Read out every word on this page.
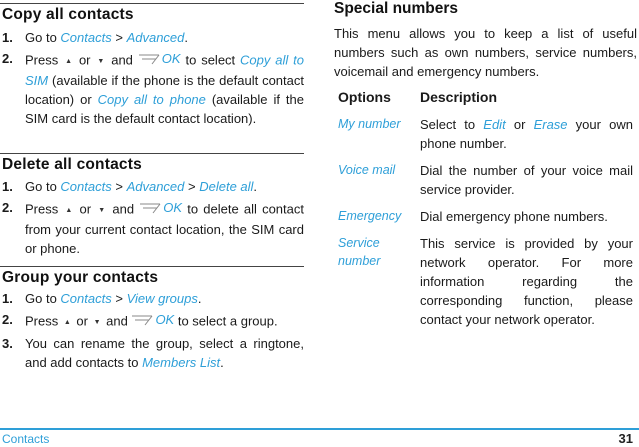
Copy all contacts
1. Go to Contacts > Advanced.
2. Press ▲ or ▼ and OK to select Copy all to SIM (available if the phone is the default contact location) or Copy all to phone (available if the SIM card is the default contact location).
Delete all contacts
1. Go to Contacts > Advanced > Delete all.
2. Press ▲ or ▼ and OK to delete all contact from your current contact location, the SIM card or phone.
Group your contacts
1. Go to Contacts > View groups.
2. Press ▲ or ▼ and OK to select a group.
3. You can rename the group, select a ringtone, and add contacts to Members List.
Special numbers

This menu allows you to keep a list of useful numbers such as own numbers, service numbers, voicemail and emergency numbers.

Options	Description
My number	Select to Edit or Erase your own phone number.
Voice mail	Dial the number of your voice mail service provider.
Emergency	Dial emergency phone numbers.
Service number	This service is provided by your network operator. For more information regarding the corresponding function, please contact your network operator.
Contacts	31
